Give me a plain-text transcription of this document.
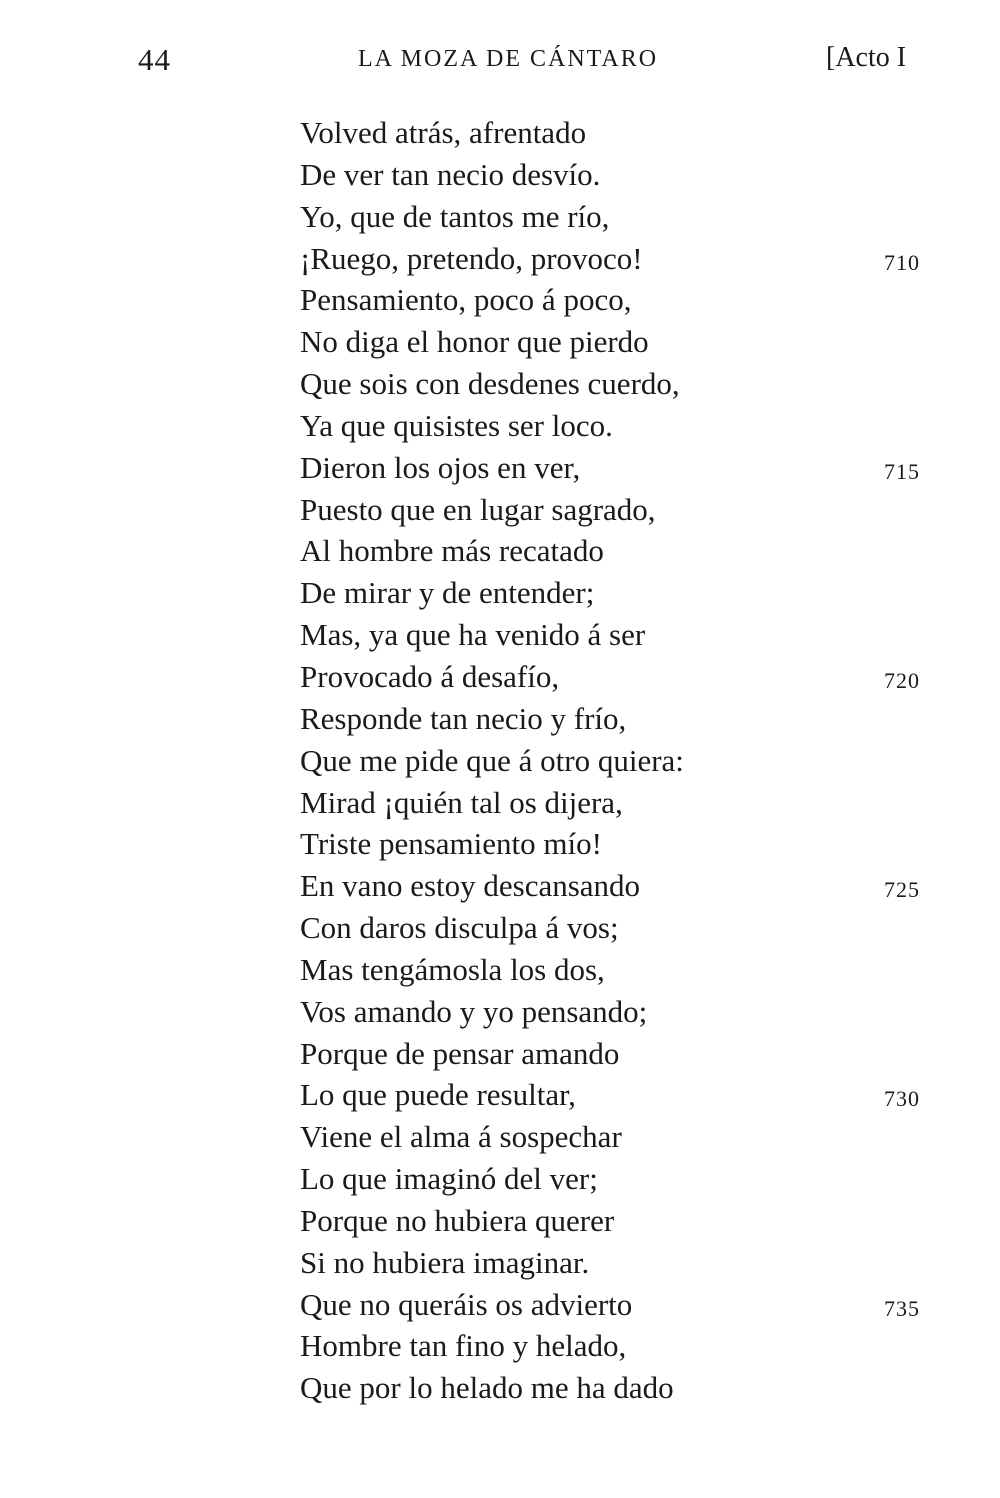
44	LA MOZA DE CÁNTARO	[Acto I
Volved atrás, afrentado
De ver tan necio desvío.
Yo, que de tantos me río,
¡Ruego, pretendo, provoco!	710
Pensamiento, poco á poco,
No diga el honor que pierdo
Que sois con desdenes cuerdo,
Ya que quisistes ser loco.
Dieron los ojos en ver,	715
Puesto que en lugar sagrado,
Al hombre más recatado
De mirar y de entender;
Mas, ya que ha venido á ser
Provocado á desafío,	720
Responde tan necio y frío,
Que me pide que á otro quiera:
Mirad ¡quién tal os dijera,
Triste pensamiento mío!
En vano estoy descansando	725
Con daros disculpa á vos;
Mas tengámosla los dos,
Vos amando y yo pensando;
Porque de pensar amando
Lo que puede resultar,	730
Viene el alma á sospechar
Lo que imaginó del ver;
Porque no hubiera querer
Si no hubiera imaginar.
Que no queráis os advierto	735
Hombre tan fino y helado,
Que por lo helado me ha dado
